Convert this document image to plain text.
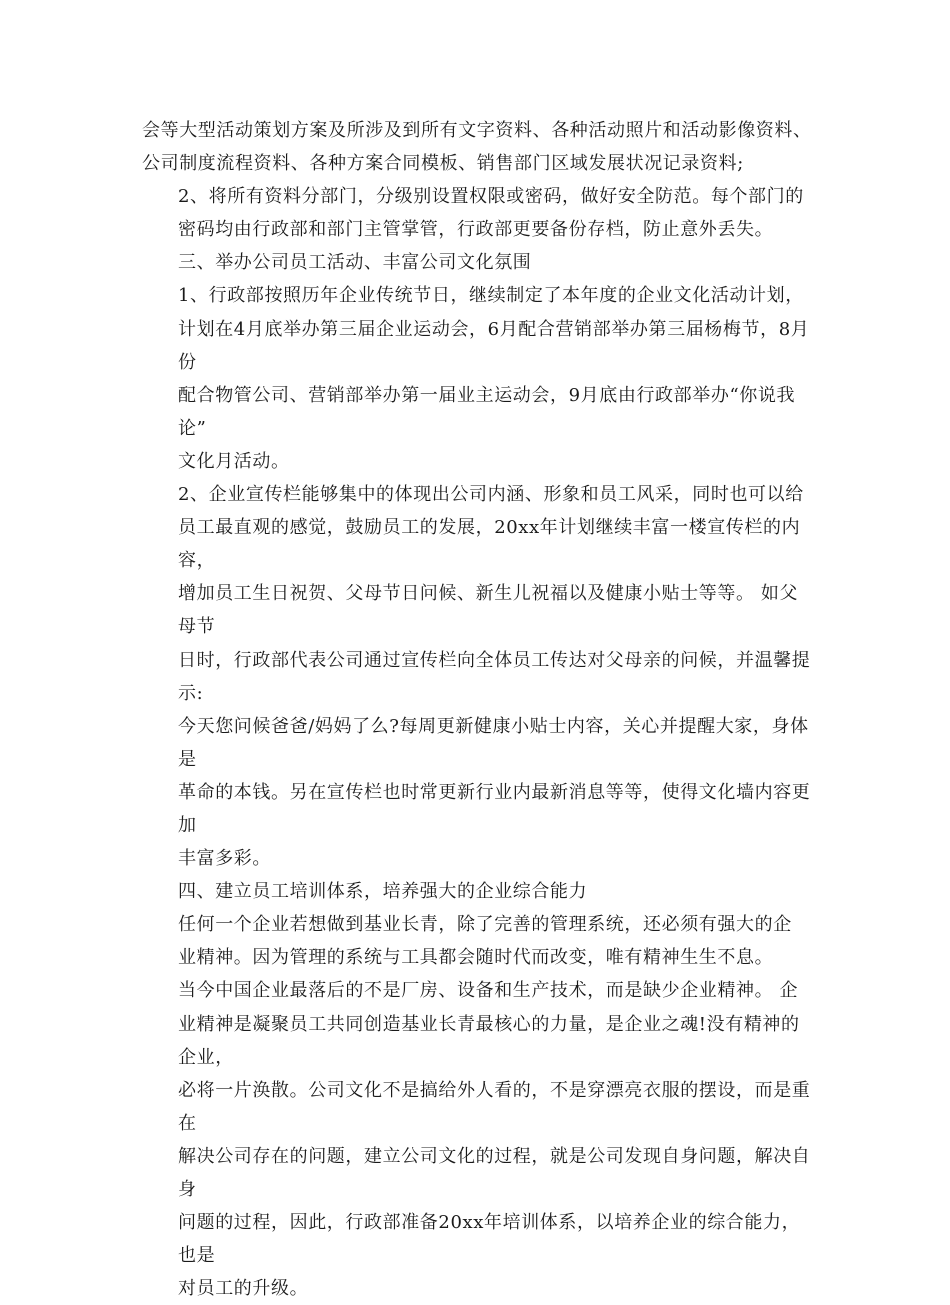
会等大型活动策划方案及所涉及到所有文字资料、各种活动照片和活动影像资料、
公司制度流程资料、各种方案合同模板、销售部门区域发展状况记录资料;

2、将所有资料分部门，分级别设置权限或密码，做好安全防范。每个部门的
密码均由行政部和部门主管掌管，行政部更要备份存档，防止意外丢失。

三、举办公司员工活动、丰富公司文化氛围

1、行政部按照历年企业传统节日，继续制定了本年度的企业文化活动计划，
计划在4月底举办第三届企业运动会，6月配合营销部举办第三届杨梅节，8月份
配合物管公司、营销部举办第一届业主运动会，9月底由行政部举办“你说我论”
文化月活动。

2、企业宣传栏能够集中的体现出公司内涵、形象和员工风采，同时也可以给
员工最直观的感觉，鼓励员工的发展，20xx年计划继续丰富一楼宣传栏的内容，
增加员工生日祝贺、父母节日问候、新生儿祝福以及健康小贴士等等。 如父母节
日时，行政部代表公司通过宣传栏向全体员工传达对父母亲的问候，并温馨提示:
今天您问候爸爸/妈妈了么?每周更新健康小贴士内容，关心并提醒大家，身体是
革命的本钱。另在宣传栏也时常更新行业内最新消息等等，使得文化墙内容更加
丰富多彩。

四、建立员工培训体系，培养强大的企业综合能力

任何一个企业若想做到基业长青，除了完善的管理系统，还必须有强大的企
业精神。因为管理的系统与工具都会随时代而改变，唯有精神生生不息。

当今中国企业最落后的不是厂房、设备和生产技术，而是缺少企业精神。 企
业精神是凝聚员工共同创造基业长青最核心的力量，是企业之魂!没有精神的企业，
必将一片涣散。公司文化不是搞给外人看的，不是穿漂亮衣服的摆设，而是重在
解决公司存在的问题，建立公司文化的过程，就是公司发现自身问题，解决自身
问题的过程，因此，行政部准备20xx年培训体系，以培养企业的综合能力，也是
对员工的升级。
